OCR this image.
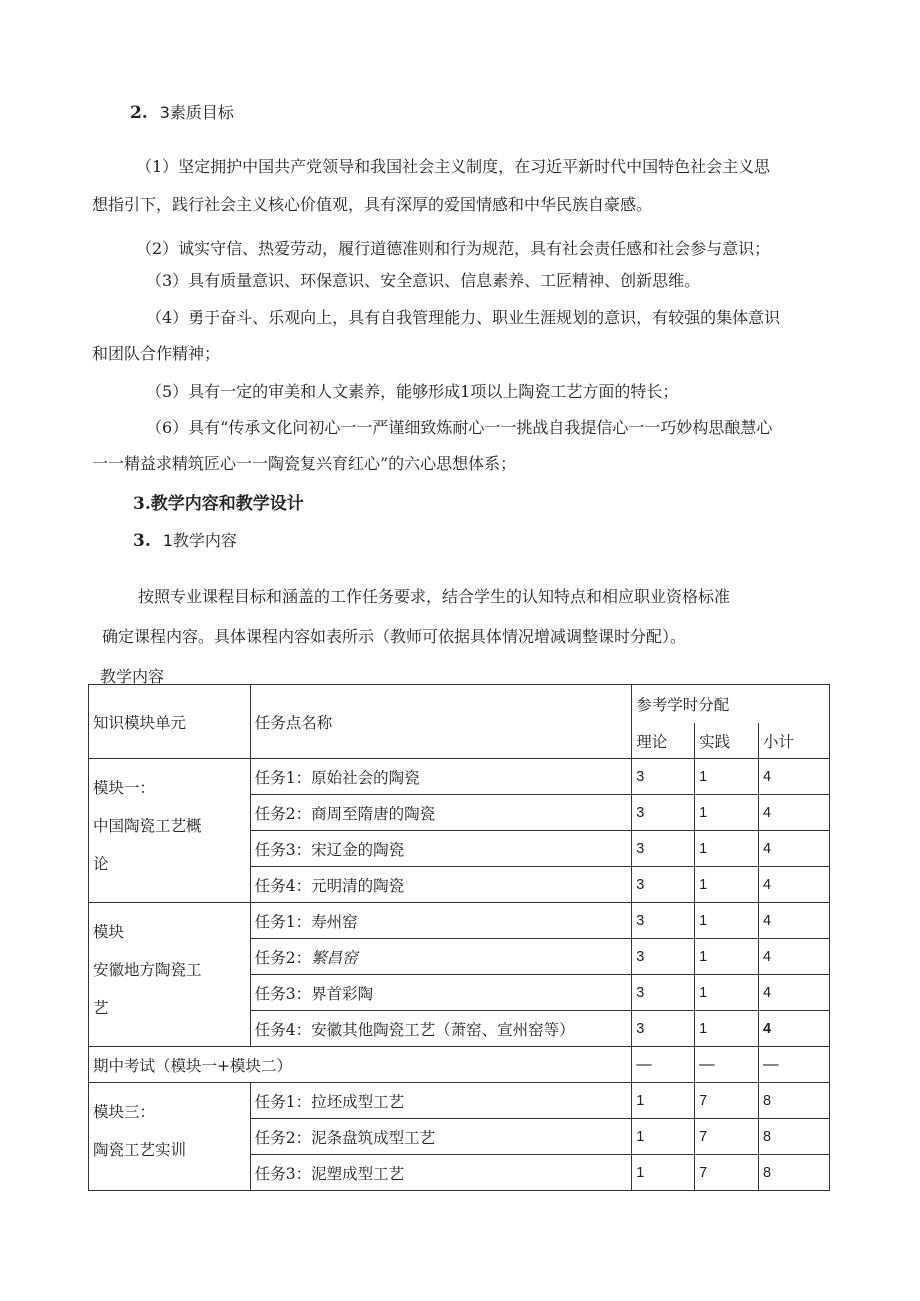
2. 3素质目标
（1）坚定拥护中国共产党领导和我国社会主义制度，在习近平新时代中国特色社会主义思
想指引下，践行社会主义核心价值观，具有深厚的爱国情感和中华民族自豪感。
（2）诚实守信、热爱劳动，履行道德准则和行为规范，具有社会责任感和社会参与意识；
（3）具有质量意识、环保意识、安全意识、信息素养、工匠精神、创新思维。
（4）勇于奋斗、乐观向上，具有自我管理能力、职业生涯规划的意识，有较强的集体意识
和团队合作精神；
（5）具有一定的审美和人文素养，能够形成1项以上陶瓷工艺方面的特长；
（6）具有“传承文化问初心一一严谨细致炼耐心一一挑战自我提信心一一巧妙构思酿慧心
一一精益求精筑匠心一一陶瓷复兴育红心”的六心思想体系；
3.教学内容和教学设计
3. 1教学内容
按照专业课程目标和涵盖的工作任务要求，结合学生的认知特点和相应职业资格标准
确定课程内容。具体课程内容如表所示（教师可依据具体情况增减调整课时分配）。
教学内容
知识模块单元	任务点名称	参考学时分配		
		理论	实践	小计

模块一：
中国陶瓷工艺概
论	任务1：原始社会的陶瓷	3	1	4
	任务2：商周至隋唐的陶瓷	3	1	4
	任务3：宋辽金的陶瓷	3	1	4
	任务4：元明清的陶瓷	3	1	4

模块
安徽地方陶瓷工
艺	任务1：寿州窑	3	1	4
	任务2：繁昌窑	3	1	4
	任务3：界首彩陶	3	1	4
	任务4：安徽其他陶瓷工艺（萧窑、宣州窑等）	3	1	4
期中考试（模块一+模块二）		—	—	—

模块三：
陶瓷工艺实训	任务1：拉坯成型工艺	1	7	8
	任务2：泥条盘筑成型工艺	1	7	8
	任务3：泥塑成型工艺	1	7	8
